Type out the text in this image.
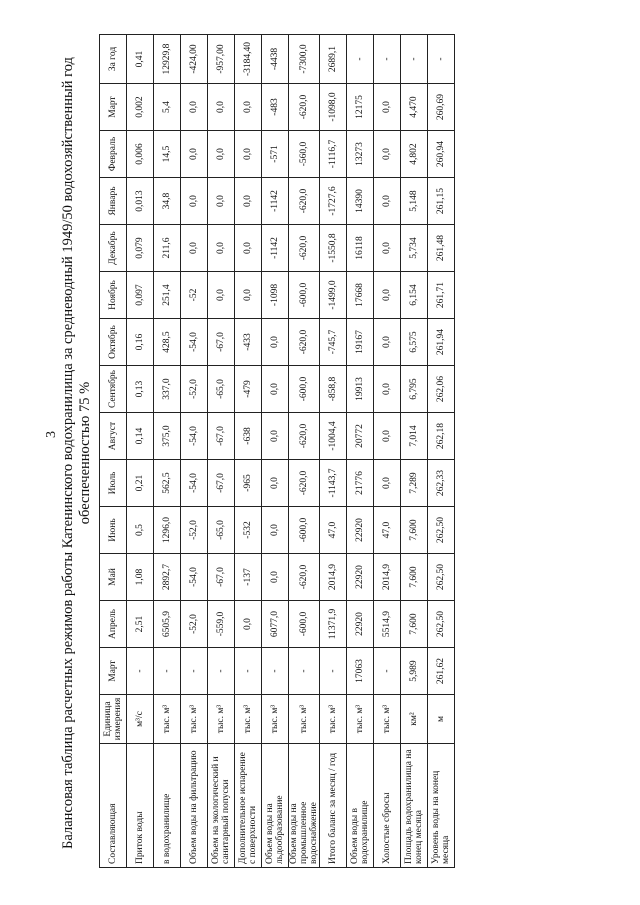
3 Балансовая таблица расчетных режимов работы Катенинского водохранилища за средневодный 1949/50 водохозяйственный год обеспеченностью 75 %
Составляющая	Единица измерения	Март	Апрель	Май	Июнь	Июль	Август	Сентябрь	Октябрь	Ноябрь	Декабрь	Январь	Февраль	Март	За год
Приток воды	м³/с	-	2,51	1,08	0,5	0,21	0,14	0,13	0,16	0,097	0,079	0,013	0,006	0,002	0,41
в водохранилище	тыс. м³	-	6505,9	2892,7	1296,0	562,5	375,0	337,0	428,5	251,4	211,6	34,8	14,5	5,4	12929,8
Объем воды на фильтрацию	тыс. м³	-	-52,0	-54,0	-52,0	-54,0	-54,0	-52,0	-54,0	-52	0,0	0,0	0,0	0,0	-424,00
Объем на экологический и санитарный попуски	тыс. м³	-	-559,0	-67,0	-65,0	-67,0	-67,0	-65,0	-67,0	0,0	0,0	0,0	0,0	0,0	-957,00
Дополнительное испарение с поверхности	тыс. м³	-	0,0	-137	-532	-965	-638	-479	-433	0,0	0,0	0,0	0,0	0,0	-3184,40
Объем воды на льдообразование	тыс. м³	-	6077,0	0,0	0,0	0,0	0,0	0,0	0,0	-1098	-1142	-1142	-571	-483	-4438
Объем воды на промышленное водоснабжение	тыс. м³	-	-600,0	-620,0	-600,0	-620,0	-620,0	-600,0	-620,0	-600,0	-620,0	-620,0	-560,0	-620,0	-7300,0
Итого баланс за месяц / год	тыс. м³	-	11371,9	2014,9	47,0	-1143,7	-1004,4	-858,8	-745,7	-1499,0	-1550,8	-1727,6	-1116,7	-1098,0	2689,1
Объем воды в водохранилище	тыс. м³	17063	22920	22920	22920	21776	20772	19913	19167	17668	16118	14390	13273	12175	-
Холостые сбросы	тыс. м³	-	5514,9	2014,9	47,0	0,0	0,0	0,0	0,0	0,0	0,0	0,0	0,0	0,0	-
Площадь водохранилища на конец месяца	км²	5,989	7,600	7,600	7,600	7,289	7,014	6,795	6,575	6,154	5,734	5,148	4,802	4,470	-
Уровень воды на конец месяца	м	261,62	262,50	262,50	262,50	262,33	262,18	262,06	261,94	261,71	261,48	261,15	260,94	260,69	-
